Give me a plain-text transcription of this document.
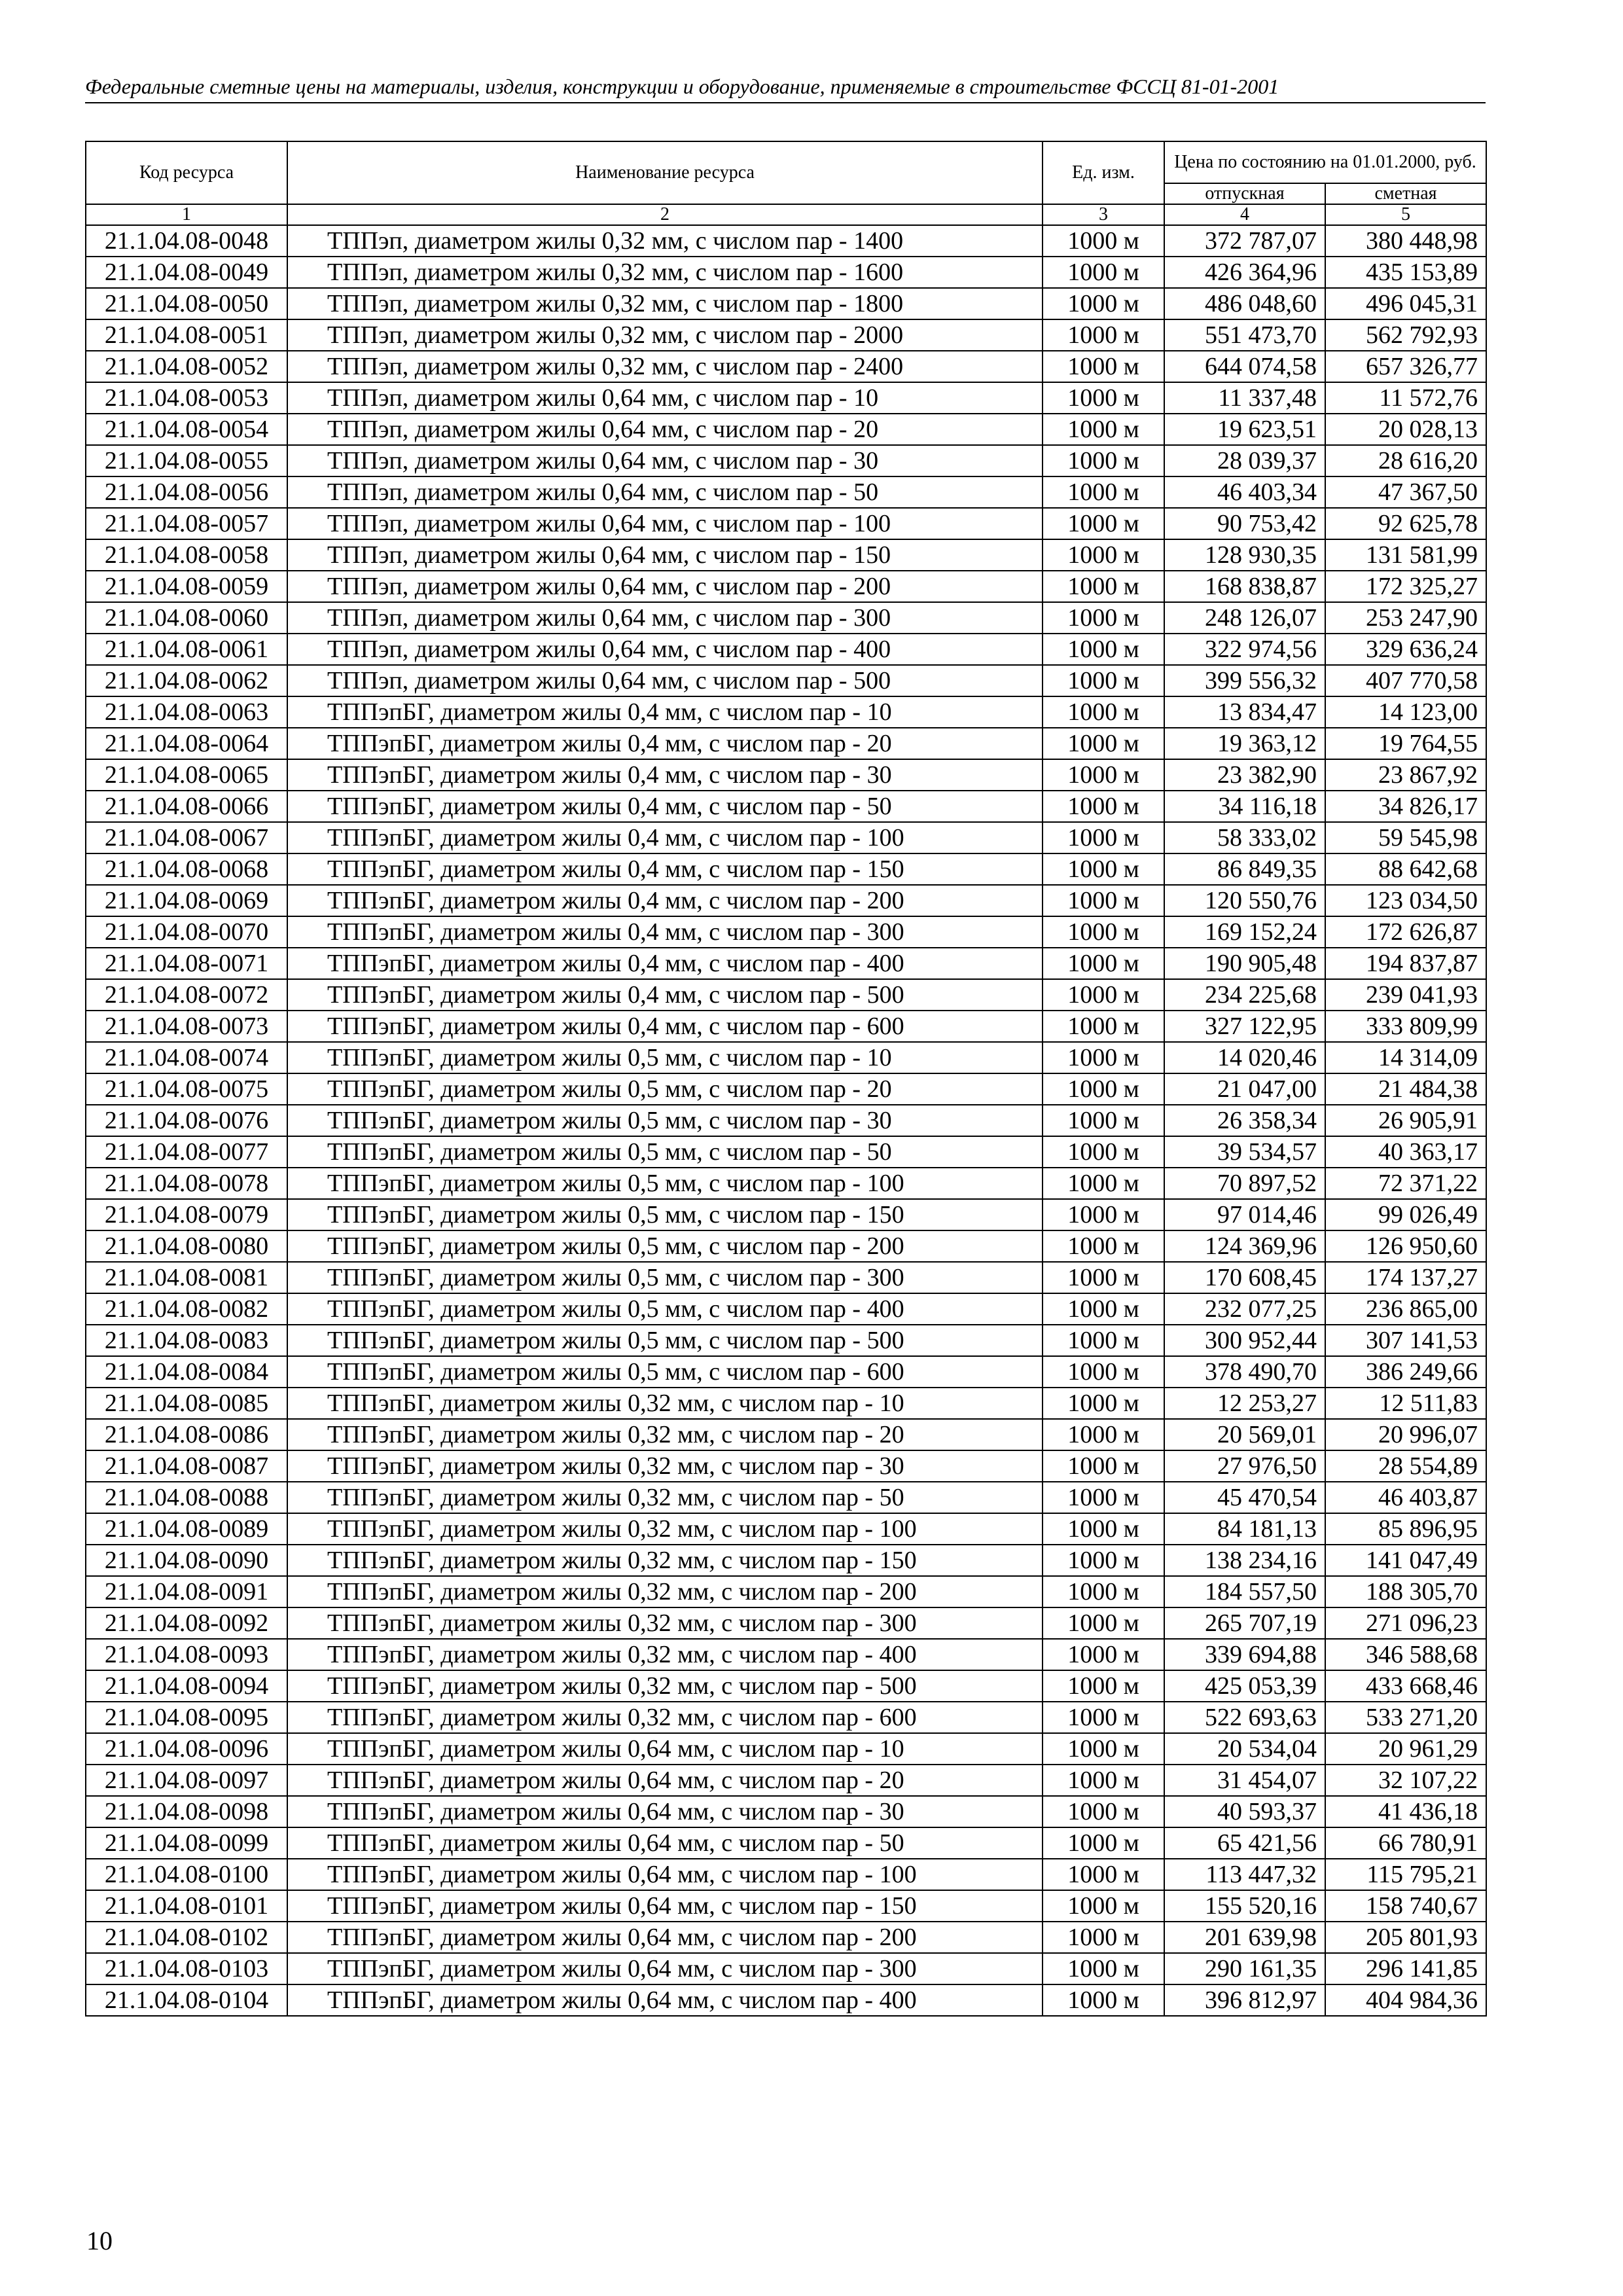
Федеральные сметные цены на материалы, изделия, конструкции и оборудование, применяемые в строительстве ФССЦ 81-01-2001
Код ресурса	Наименование ресурса	Ед. изм.	Цена по состоянию на 01.01.2000, руб.	
			отпускная	сметная
1	2	3	4	5
21.1.04.08-0048	ТППэп, диаметром жилы 0,32 мм, с числом пар - 1400	1000 м	372 787,07	380 448,98
21.1.04.08-0049	ТППэп, диаметром жилы 0,32 мм, с числом пар - 1600	1000 м	426 364,96	435 153,89
21.1.04.08-0050	ТППэп, диаметром жилы 0,32 мм, с числом пар - 1800	1000 м	486 048,60	496 045,31
21.1.04.08-0051	ТППэп, диаметром жилы 0,32 мм, с числом пар - 2000	1000 м	551 473,70	562 792,93
21.1.04.08-0052	ТППэп, диаметром жилы 0,32 мм, с числом пар - 2400	1000 м	644 074,58	657 326,77
21.1.04.08-0053	ТППэп, диаметром жилы 0,64 мм, с числом пар - 10	1000 м	11 337,48	11 572,76
21.1.04.08-0054	ТППэп, диаметром жилы 0,64 мм, с числом пар - 20	1000 м	19 623,51	20 028,13
21.1.04.08-0055	ТППэп, диаметром жилы 0,64 мм, с числом пар - 30	1000 м	28 039,37	28 616,20
21.1.04.08-0056	ТППэп, диаметром жилы 0,64 мм, с числом пар - 50	1000 м	46 403,34	47 367,50
21.1.04.08-0057	ТППэп, диаметром жилы 0,64 мм, с числом пар - 100	1000 м	90 753,42	92 625,78
21.1.04.08-0058	ТППэп, диаметром жилы 0,64 мм, с числом пар - 150	1000 м	128 930,35	131 581,99
21.1.04.08-0059	ТППэп, диаметром жилы 0,64 мм, с числом пар - 200	1000 м	168 838,87	172 325,27
21.1.04.08-0060	ТППэп, диаметром жилы 0,64 мм, с числом пар - 300	1000 м	248 126,07	253 247,90
21.1.04.08-0061	ТППэп, диаметром жилы 0,64 мм, с числом пар - 400	1000 м	322 974,56	329 636,24
21.1.04.08-0062	ТППэп, диаметром жилы 0,64 мм, с числом пар - 500	1000 м	399 556,32	407 770,58
21.1.04.08-0063	ТППэпБГ, диаметром жилы 0,4 мм, с числом пар - 10	1000 м	13 834,47	14 123,00
21.1.04.08-0064	ТППэпБГ, диаметром жилы 0,4 мм, с числом пар - 20	1000 м	19 363,12	19 764,55
21.1.04.08-0065	ТППэпБГ, диаметром жилы 0,4 мм, с числом пар - 30	1000 м	23 382,90	23 867,92
21.1.04.08-0066	ТППэпБГ, диаметром жилы 0,4 мм, с числом пар - 50	1000 м	34 116,18	34 826,17
21.1.04.08-0067	ТППэпБГ, диаметром жилы 0,4 мм, с числом пар - 100	1000 м	58 333,02	59 545,98
21.1.04.08-0068	ТППэпБГ, диаметром жилы 0,4 мм, с числом пар - 150	1000 м	86 849,35	88 642,68
21.1.04.08-0069	ТППэпБГ, диаметром жилы 0,4 мм, с числом пар - 200	1000 м	120 550,76	123 034,50
21.1.04.08-0070	ТППэпБГ, диаметром жилы 0,4 мм, с числом пар - 300	1000 м	169 152,24	172 626,87
21.1.04.08-0071	ТППэпБГ, диаметром жилы 0,4 мм, с числом пар - 400	1000 м	190 905,48	194 837,87
21.1.04.08-0072	ТППэпБГ, диаметром жилы 0,4 мм, с числом пар - 500	1000 м	234 225,68	239 041,93
21.1.04.08-0073	ТППэпБГ, диаметром жилы 0,4 мм, с числом пар - 600	1000 м	327 122,95	333 809,99
21.1.04.08-0074	ТППэпБГ, диаметром жилы 0,5 мм, с числом пар - 10	1000 м	14 020,46	14 314,09
21.1.04.08-0075	ТППэпБГ, диаметром жилы 0,5 мм, с числом пар - 20	1000 м	21 047,00	21 484,38
21.1.04.08-0076	ТППэпБГ, диаметром жилы 0,5 мм, с числом пар - 30	1000 м	26 358,34	26 905,91
21.1.04.08-0077	ТППэпБГ, диаметром жилы 0,5 мм, с числом пар - 50	1000 м	39 534,57	40 363,17
21.1.04.08-0078	ТППэпБГ, диаметром жилы 0,5 мм, с числом пар - 100	1000 м	70 897,52	72 371,22
21.1.04.08-0079	ТППэпБГ, диаметром жилы 0,5 мм, с числом пар - 150	1000 м	97 014,46	99 026,49
21.1.04.08-0080	ТППэпБГ, диаметром жилы 0,5 мм, с числом пар - 200	1000 м	124 369,96	126 950,60
21.1.04.08-0081	ТППэпБГ, диаметром жилы 0,5 мм, с числом пар - 300	1000 м	170 608,45	174 137,27
21.1.04.08-0082	ТППэпБГ, диаметром жилы 0,5 мм, с числом пар - 400	1000 м	232 077,25	236 865,00
21.1.04.08-0083	ТППэпБГ, диаметром жилы 0,5 мм, с числом пар - 500	1000 м	300 952,44	307 141,53
21.1.04.08-0084	ТППэпБГ, диаметром жилы 0,5 мм, с числом пар - 600	1000 м	378 490,70	386 249,66
21.1.04.08-0085	ТППэпБГ, диаметром жилы 0,32 мм, с числом пар - 10	1000 м	12 253,27	12 511,83
21.1.04.08-0086	ТППэпБГ, диаметром жилы 0,32 мм, с числом пар - 20	1000 м	20 569,01	20 996,07
21.1.04.08-0087	ТППэпБГ, диаметром жилы 0,32 мм, с числом пар - 30	1000 м	27 976,50	28 554,89
21.1.04.08-0088	ТППэпБГ, диаметром жилы 0,32 мм, с числом пар - 50	1000 м	45 470,54	46 403,87
21.1.04.08-0089	ТППэпБГ, диаметром жилы 0,32 мм, с числом пар - 100	1000 м	84 181,13	85 896,95
21.1.04.08-0090	ТППэпБГ, диаметром жилы 0,32 мм, с числом пар - 150	1000 м	138 234,16	141 047,49
21.1.04.08-0091	ТППэпБГ, диаметром жилы 0,32 мм, с числом пар - 200	1000 м	184 557,50	188 305,70
21.1.04.08-0092	ТППэпБГ, диаметром жилы 0,32 мм, с числом пар - 300	1000 м	265 707,19	271 096,23
21.1.04.08-0093	ТППэпБГ, диаметром жилы 0,32 мм, с числом пар - 400	1000 м	339 694,88	346 588,68
21.1.04.08-0094	ТППэпБГ, диаметром жилы 0,32 мм, с числом пар - 500	1000 м	425 053,39	433 668,46
21.1.04.08-0095	ТППэпБГ, диаметром жилы 0,32 мм, с числом пар - 600	1000 м	522 693,63	533 271,20
21.1.04.08-0096	ТППэпБГ, диаметром жилы 0,64 мм, с числом пар - 10	1000 м	20 534,04	20 961,29
21.1.04.08-0097	ТППэпБГ, диаметром жилы 0,64 мм, с числом пар - 20	1000 м	31 454,07	32 107,22
21.1.04.08-0098	ТППэпБГ, диаметром жилы 0,64 мм, с числом пар - 30	1000 м	40 593,37	41 436,18
21.1.04.08-0099	ТППэпБГ, диаметром жилы 0,64 мм, с числом пар - 50	1000 м	65 421,56	66 780,91
21.1.04.08-0100	ТППэпБГ, диаметром жилы 0,64 мм, с числом пар - 100	1000 м	113 447,32	115 795,21
21.1.04.08-0101	ТППэпБГ, диаметром жилы 0,64 мм, с числом пар - 150	1000 м	155 520,16	158 740,67
21.1.04.08-0102	ТППэпБГ, диаметром жилы 0,64 мм, с числом пар - 200	1000 м	201 639,98	205 801,93
21.1.04.08-0103	ТППэпБГ, диаметром жилы 0,64 мм, с числом пар - 300	1000 м	290 161,35	296 141,85
21.1.04.08-0104	ТППэпБГ, диаметром жилы 0,64 мм, с числом пар - 400	1000 м	396 812,97	404 984,36
10
